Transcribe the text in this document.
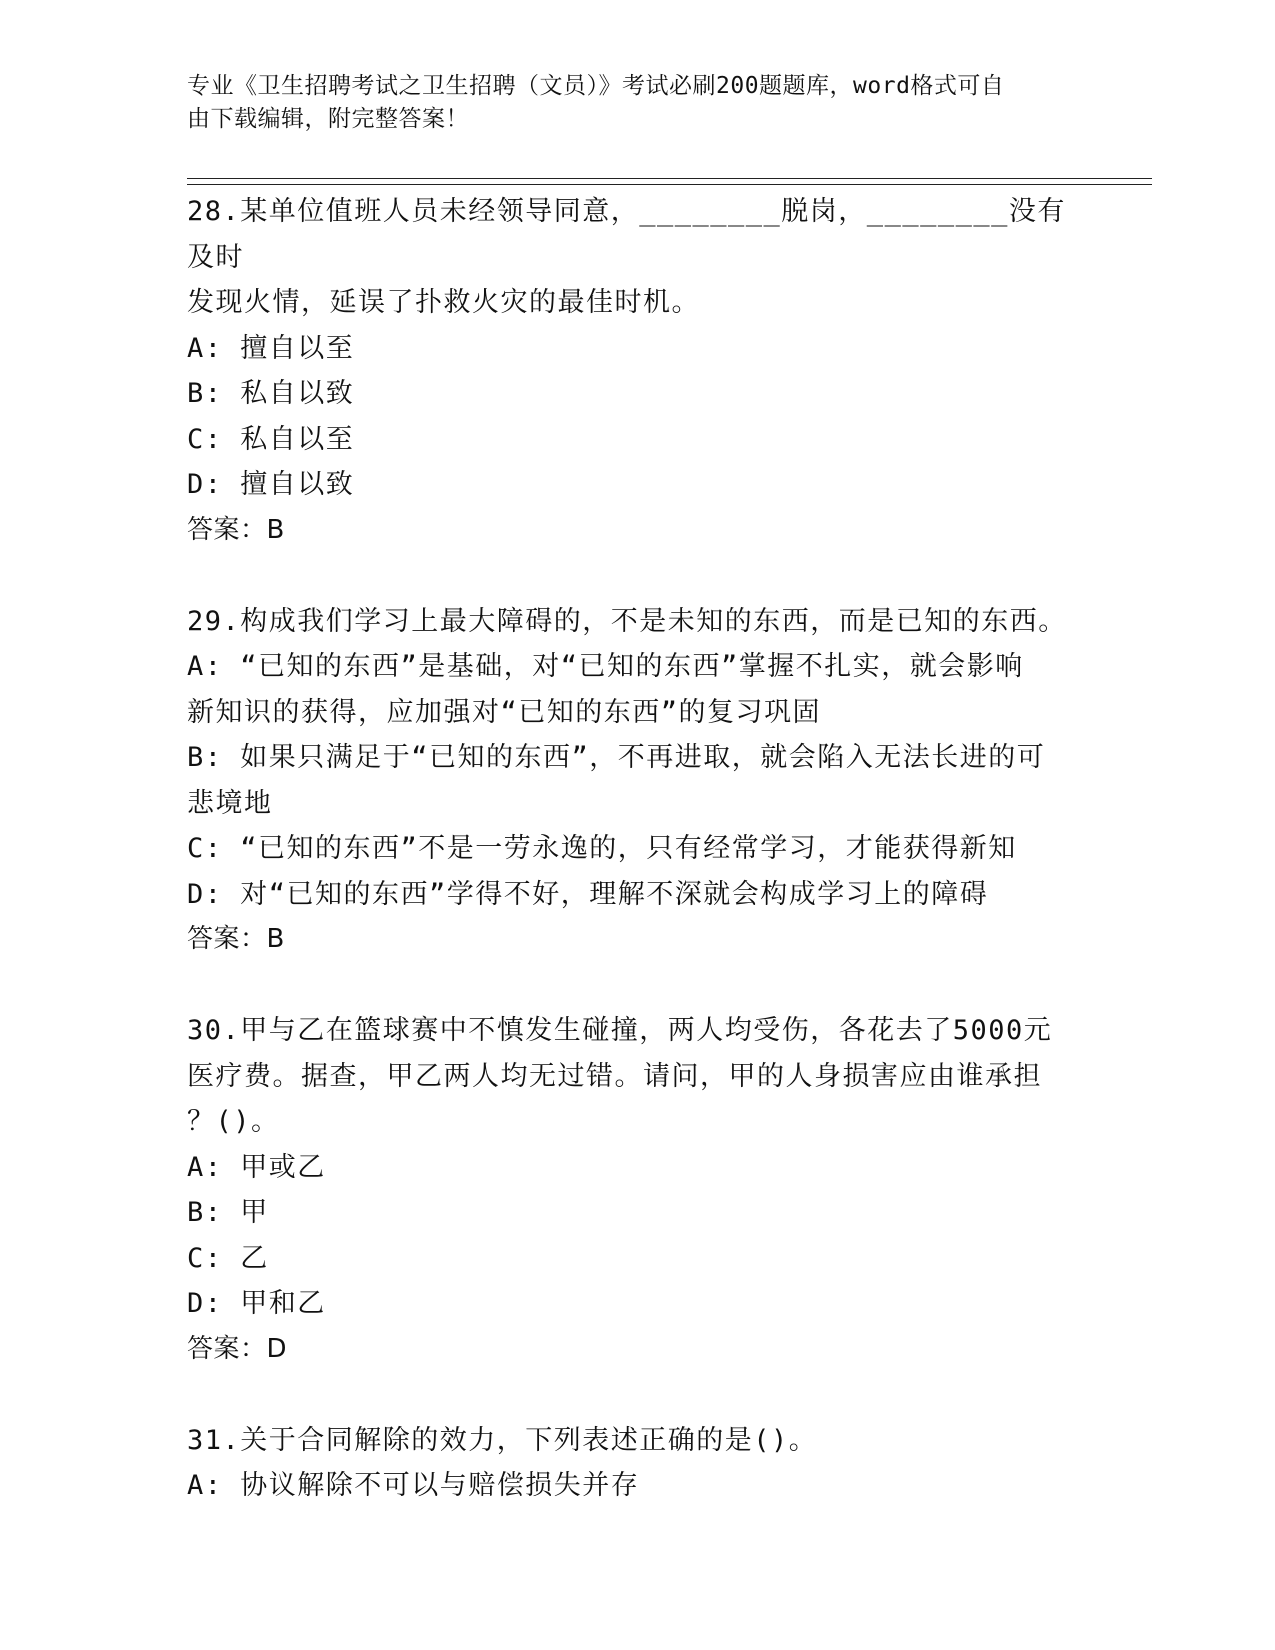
专业《卫生招聘考试之卫生招聘（文员）》考试必刷200题题库，word格式可自
由下载编辑，附完整答案！
28.某单位值班人员未经领导同意，________脱岗，________没有及时
发现火情，延误了扑救火灾的最佳时机。
A: 擅自以至
B: 私自以致
C: 私自以至
D: 擅自以致
答案：B
29.构成我们学习上最大障碍的，不是未知的东西，而是已知的东西。
A: “已知的东西”是基础，对“已知的东西”掌握不扎实，就会影响
新知识的获得，应加强对“已知的东西”的复习巩固
B: 如果只满足于“已知的东西”，不再进取，就会陷入无法长进的可
悲境地
C: “已知的东西”不是一劳永逸的，只有经常学习，才能获得新知
D: 对“已知的东西”学得不好，理解不深就会构成学习上的障碍
答案：B
30.甲与乙在篮球赛中不慎发生碰撞，两人均受伤，各花去了5000元
医疗费。据查，甲乙两人均无过错。请问，甲的人身损害应由谁承担
？()。
A: 甲或乙
B: 甲
C: 乙
D: 甲和乙
答案：D
31.关于合同解除的效力，下列表述正确的是()。
A: 协议解除不可以与赔偿损失并存
